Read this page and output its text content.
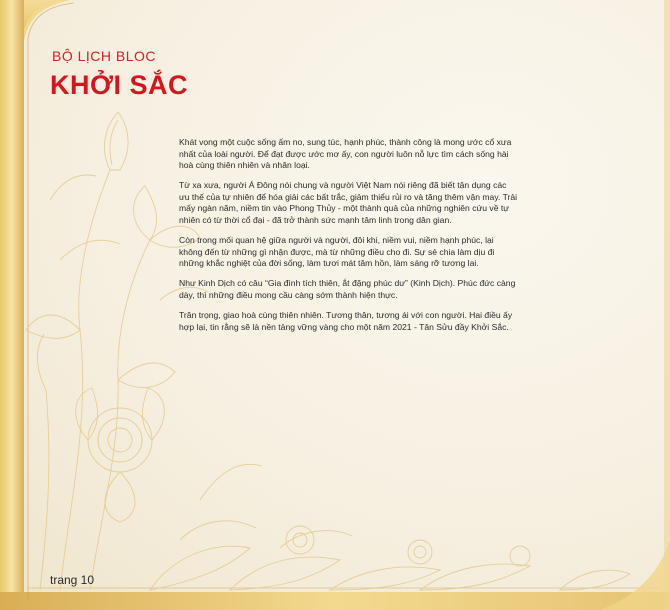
BỘ LỊCH BLOC
KHỞI SẮC

Khát vọng một cuộc sống ấm no, sung túc, hạnh phúc, thành công là mong ước cổ xưa nhất của loài người. Để đạt được ước mơ ấy, con người luôn nỗ lực tìm cách sống hài hoà cùng thiên nhiên và nhân loại.

Từ xa xưa, người Á Đông nói chung và người Việt Nam nói riêng đã biết tận dụng các ưu thế của tự nhiên để hóa giải các bất trắc, giảm thiểu rủi ro và tăng thêm vận may. Trải mấy ngàn năm, niềm tin vào Phong Thủy - một thành quả của những nghiên cứu về tự nhiên có từ thời cổ đại - đã trở thành sức mạnh tâm linh trong dân gian.

Còn trong mối quan hệ giữa người và người, đôi khi, niềm vui, niềm hạnh phúc, lại không đến từ những gì nhận được, mà từ những điều cho đi. Sự sẻ chia làm dịu đi những khắc nghiệt của đời sống, làm tươi mát tâm hồn, làm sáng rỡ tương lai.

Như Kinh Dịch có câu “Gia đình tích thiên, ắt đặng phúc dư” (Kinh Dịch). Phúc đức càng dày, thì những điều mong cầu càng sớm thành hiện thực.

Trân trọng, giao hoà cùng thiên nhiên. Tương thân, tương ái với con người. Hai điều ấy hợp lại, tin rằng sẽ là nền tảng vững vàng cho một năm 2021 - Tân Sửu đầy Khởi Sắc.

trang 10
